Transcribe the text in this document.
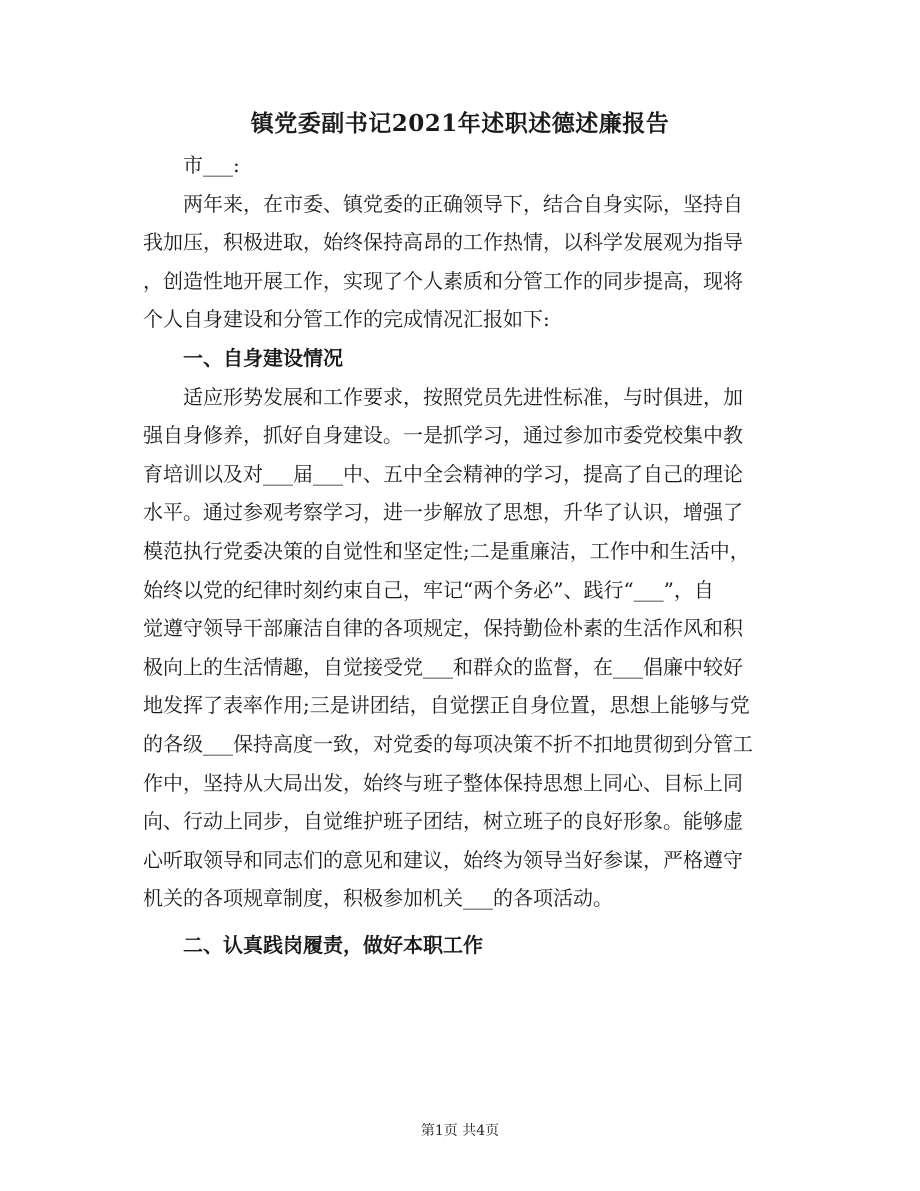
镇党委副书记2021年述职述德述廉报告
市___:
两年来，在市委、镇党委的正确领导下，结合自身实际，坚持自
我加压，积极进取，始终保持高昂的工作热情，以科学发展观为指导
，创造性地开展工作，实现了个人素质和分管工作的同步提高，现将
个人自身建设和分管工作的完成情况汇报如下:
一、自身建设情况
适应形势发展和工作要求，按照党员先进性标准，与时俱进，加
强自身修养，抓好自身建设。一是抓学习，通过参加市委党校集中教
育培训以及对___届___中、五中全会精神的学习，提高了自己的理论
水平。通过参观考察学习，进一步解放了思想，升华了认识，增强了
模范执行党委决策的自觉性和坚定性;二是重廉洁，工作中和生活中，
始终以党的纪律时刻约束自己，牢记“两个务必”、践行“___”，自
觉遵守领导干部廉洁自律的各项规定，保持勤俭朴素的生活作风和积
极向上的生活情趣，自觉接受党___和群众的监督，在___倡廉中较好
地发挥了表率作用;三是讲团结，自觉摆正自身位置，思想上能够与党
的各级___保持高度一致，对党委的每项决策不折不扣地贯彻到分管工
作中，坚持从大局出发，始终与班子整体保持思想上同心、目标上同
向、行动上同步，自觉维护班子团结，树立班子的良好形象。能够虚
心听取领导和同志们的意见和建议，始终为领导当好参谋，严格遵守
机关的各项规章制度，积极参加机关___的各项活动。
二、认真践岗履责，做好本职工作
第1页 共4页
